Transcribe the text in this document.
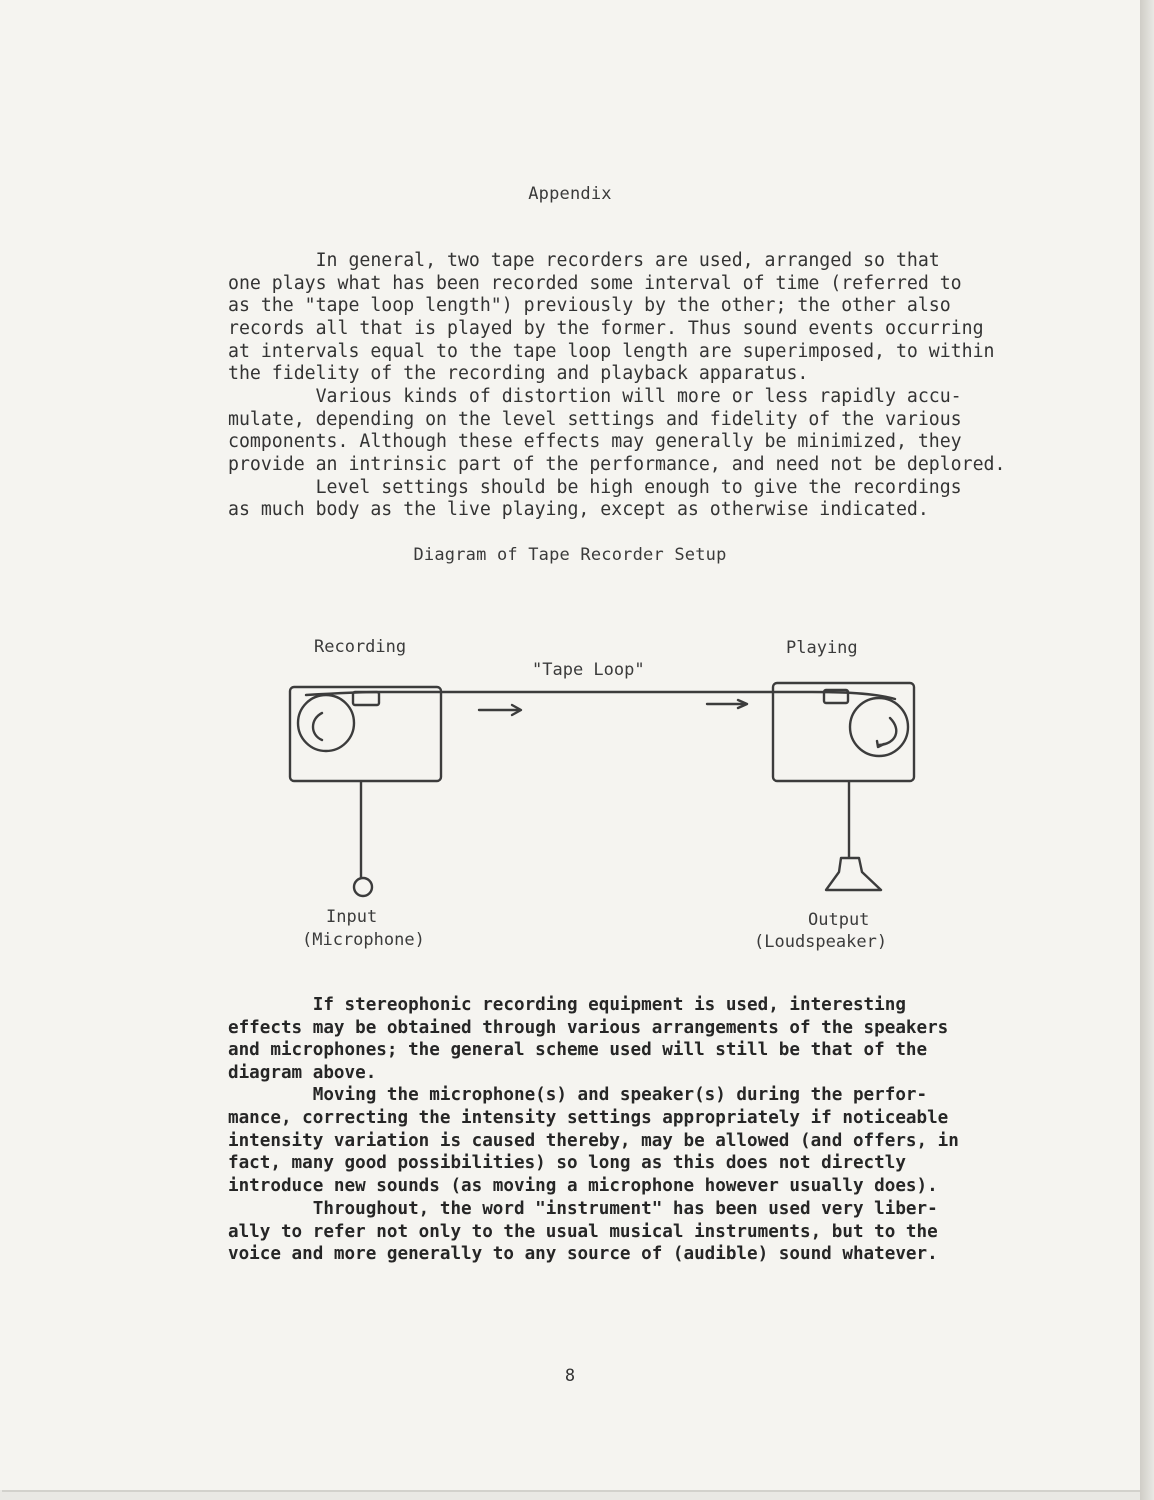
Appendix
In general, two tape recorders are used, arranged so that
one plays what has been recorded some interval of time (referred to
as the "tape loop length") previously by the other; the other also
records all that is played by the former. Thus sound events occurring
at intervals equal to the tape loop length are superimposed, to within
the fidelity of the recording and playback apparatus.
Various kinds of distortion will more or less rapidly accu-
mulate, depending on the level settings and fidelity of the various
components. Although these effects may generally be minimized, they
provide an intrinsic part of the performance, and need not be deplored.
Level settings should be high enough to give the recordings
as much body as the live playing, except as otherwise indicated.
Diagram of Tape Recorder Setup
Recording	Playing
"Tape Loop"
Input
(Microphone)
Output
(Loudspeaker)
If stereophonic recording equipment is used, interesting
effects may be obtained through various arrangements of the speakers
and microphones; the general scheme used will still be that of the
diagram above.
Moving the microphone(s) and speaker(s) during the perfor-
mance, correcting the intensity settings appropriately if noticeable
intensity variation is caused thereby, may be allowed (and offers, in
fact, many good possibilities) so long as this does not directly
introduce new sounds (as moving a microphone however usually does).
Throughout, the word "instrument" has been used very liber-
ally to refer not only to the usual musical instruments, but to the
voice and more generally to any source of (audible) sound whatever.
8
